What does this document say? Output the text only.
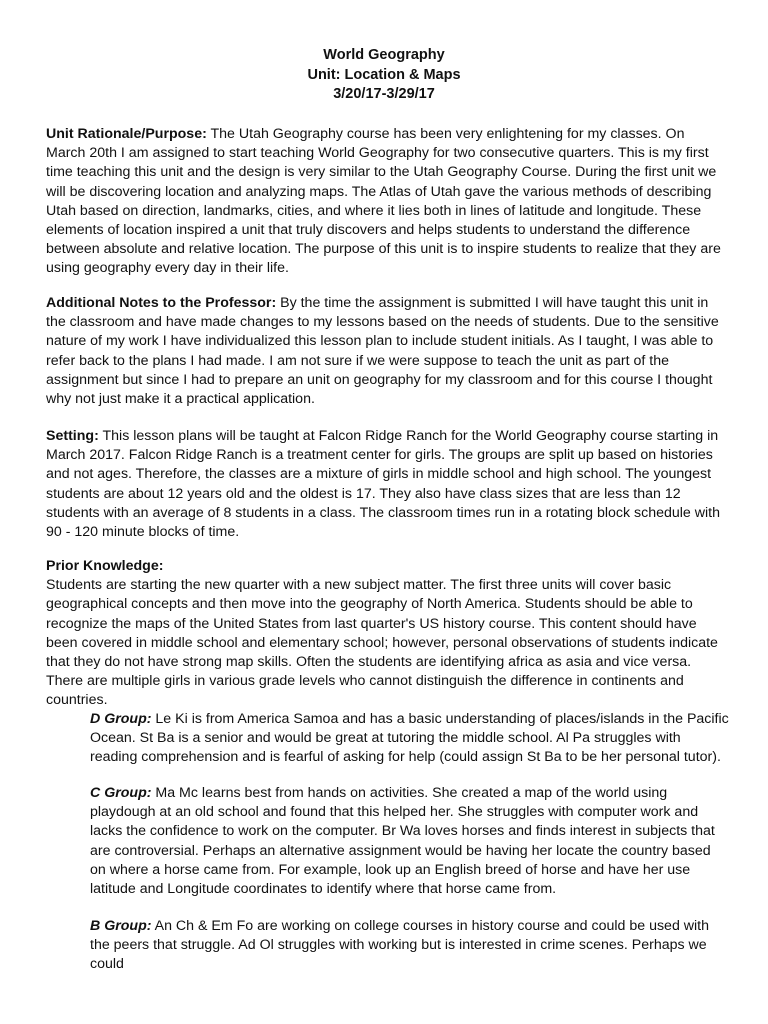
World Geography
Unit: Location & Maps
3/20/17-3/29/17

Unit Rationale/Purpose: The Utah Geography course has been very enlightening for my classes. On March 20th I am assigned to start teaching World Geography for two consecutive quarters. This is my first time teaching this unit and the design is very similar to the Utah Geography Course. During the first unit we will be discovering location and analyzing maps. The Atlas of Utah gave the various methods of describing Utah based on direction, landmarks, cities, and where it lies both in lines of latitude and longitude. These elements of location inspired a unit that truly discovers and helps students to understand the difference between absolute and relative location. The purpose of this unit is to inspire students to realize that they are using geography every day in their life.

Additional Notes to the Professor: By the time the assignment is submitted I will have taught this unit in the classroom and have made changes to my lessons based on the needs of students. Due to the sensitive nature of my work I have individualized this lesson plan to include student initials. As I taught, I was able to refer back to the plans I had made. I am not sure if we were suppose to teach the unit as part of the assignment but since I had to prepare an unit on geography for my classroom and for this course I thought why not just make it a practical application.

Setting: This lesson plans will be taught at Falcon Ridge Ranch for the World Geography course starting in March 2017. Falcon Ridge Ranch is a treatment center for girls. The groups are split up based on histories and not ages. Therefore, the classes are a mixture of girls in middle school and high school. The youngest students are about 12 years old and the oldest is 17. They also have class sizes that are less than 12 students with an average of 8 students in a class. The classroom times run in a rotating block schedule with 90 - 120 minute blocks of time.

Prior Knowledge:

Students are starting the new quarter with a new subject matter. The first three units will cover basic geographical concepts and then move into the geography of North America. Students should be able to recognize the maps of the United States from last quarter's US history course. This content should have been covered in middle school and elementary school; however, personal observations of students indicate that they do not have strong map skills. Often the students are identifying africa as asia and vice versa. There are multiple girls in various grade levels who cannot distinguish the difference in continents and countries.

D Group: Le Ki is from America Samoa and has a basic understanding of places/islands in the Pacific Ocean. St Ba is a senior and would be great at tutoring the middle school. Al Pa struggles with reading comprehension and is fearful of asking for help (could assign St Ba to be her personal tutor).

C Group: Ma Mc learns best from hands on activities. She created a map of the world using playdough at an old school and found that this helped her. She struggles with computer work and lacks the confidence to work on the computer. Br Wa loves horses and finds interest in subjects that are controversial. Perhaps an alternative assignment would be having her locate the country based on where a horse came from. For example, look up an English breed of horse and have her use latitude and Longitude coordinates to identify where that horse came from.

B Group: An Ch & Em Fo are working on college courses in history course and could be used with the peers that struggle. Ad Ol struggles with working but is interested in crime scenes. Perhaps we could
